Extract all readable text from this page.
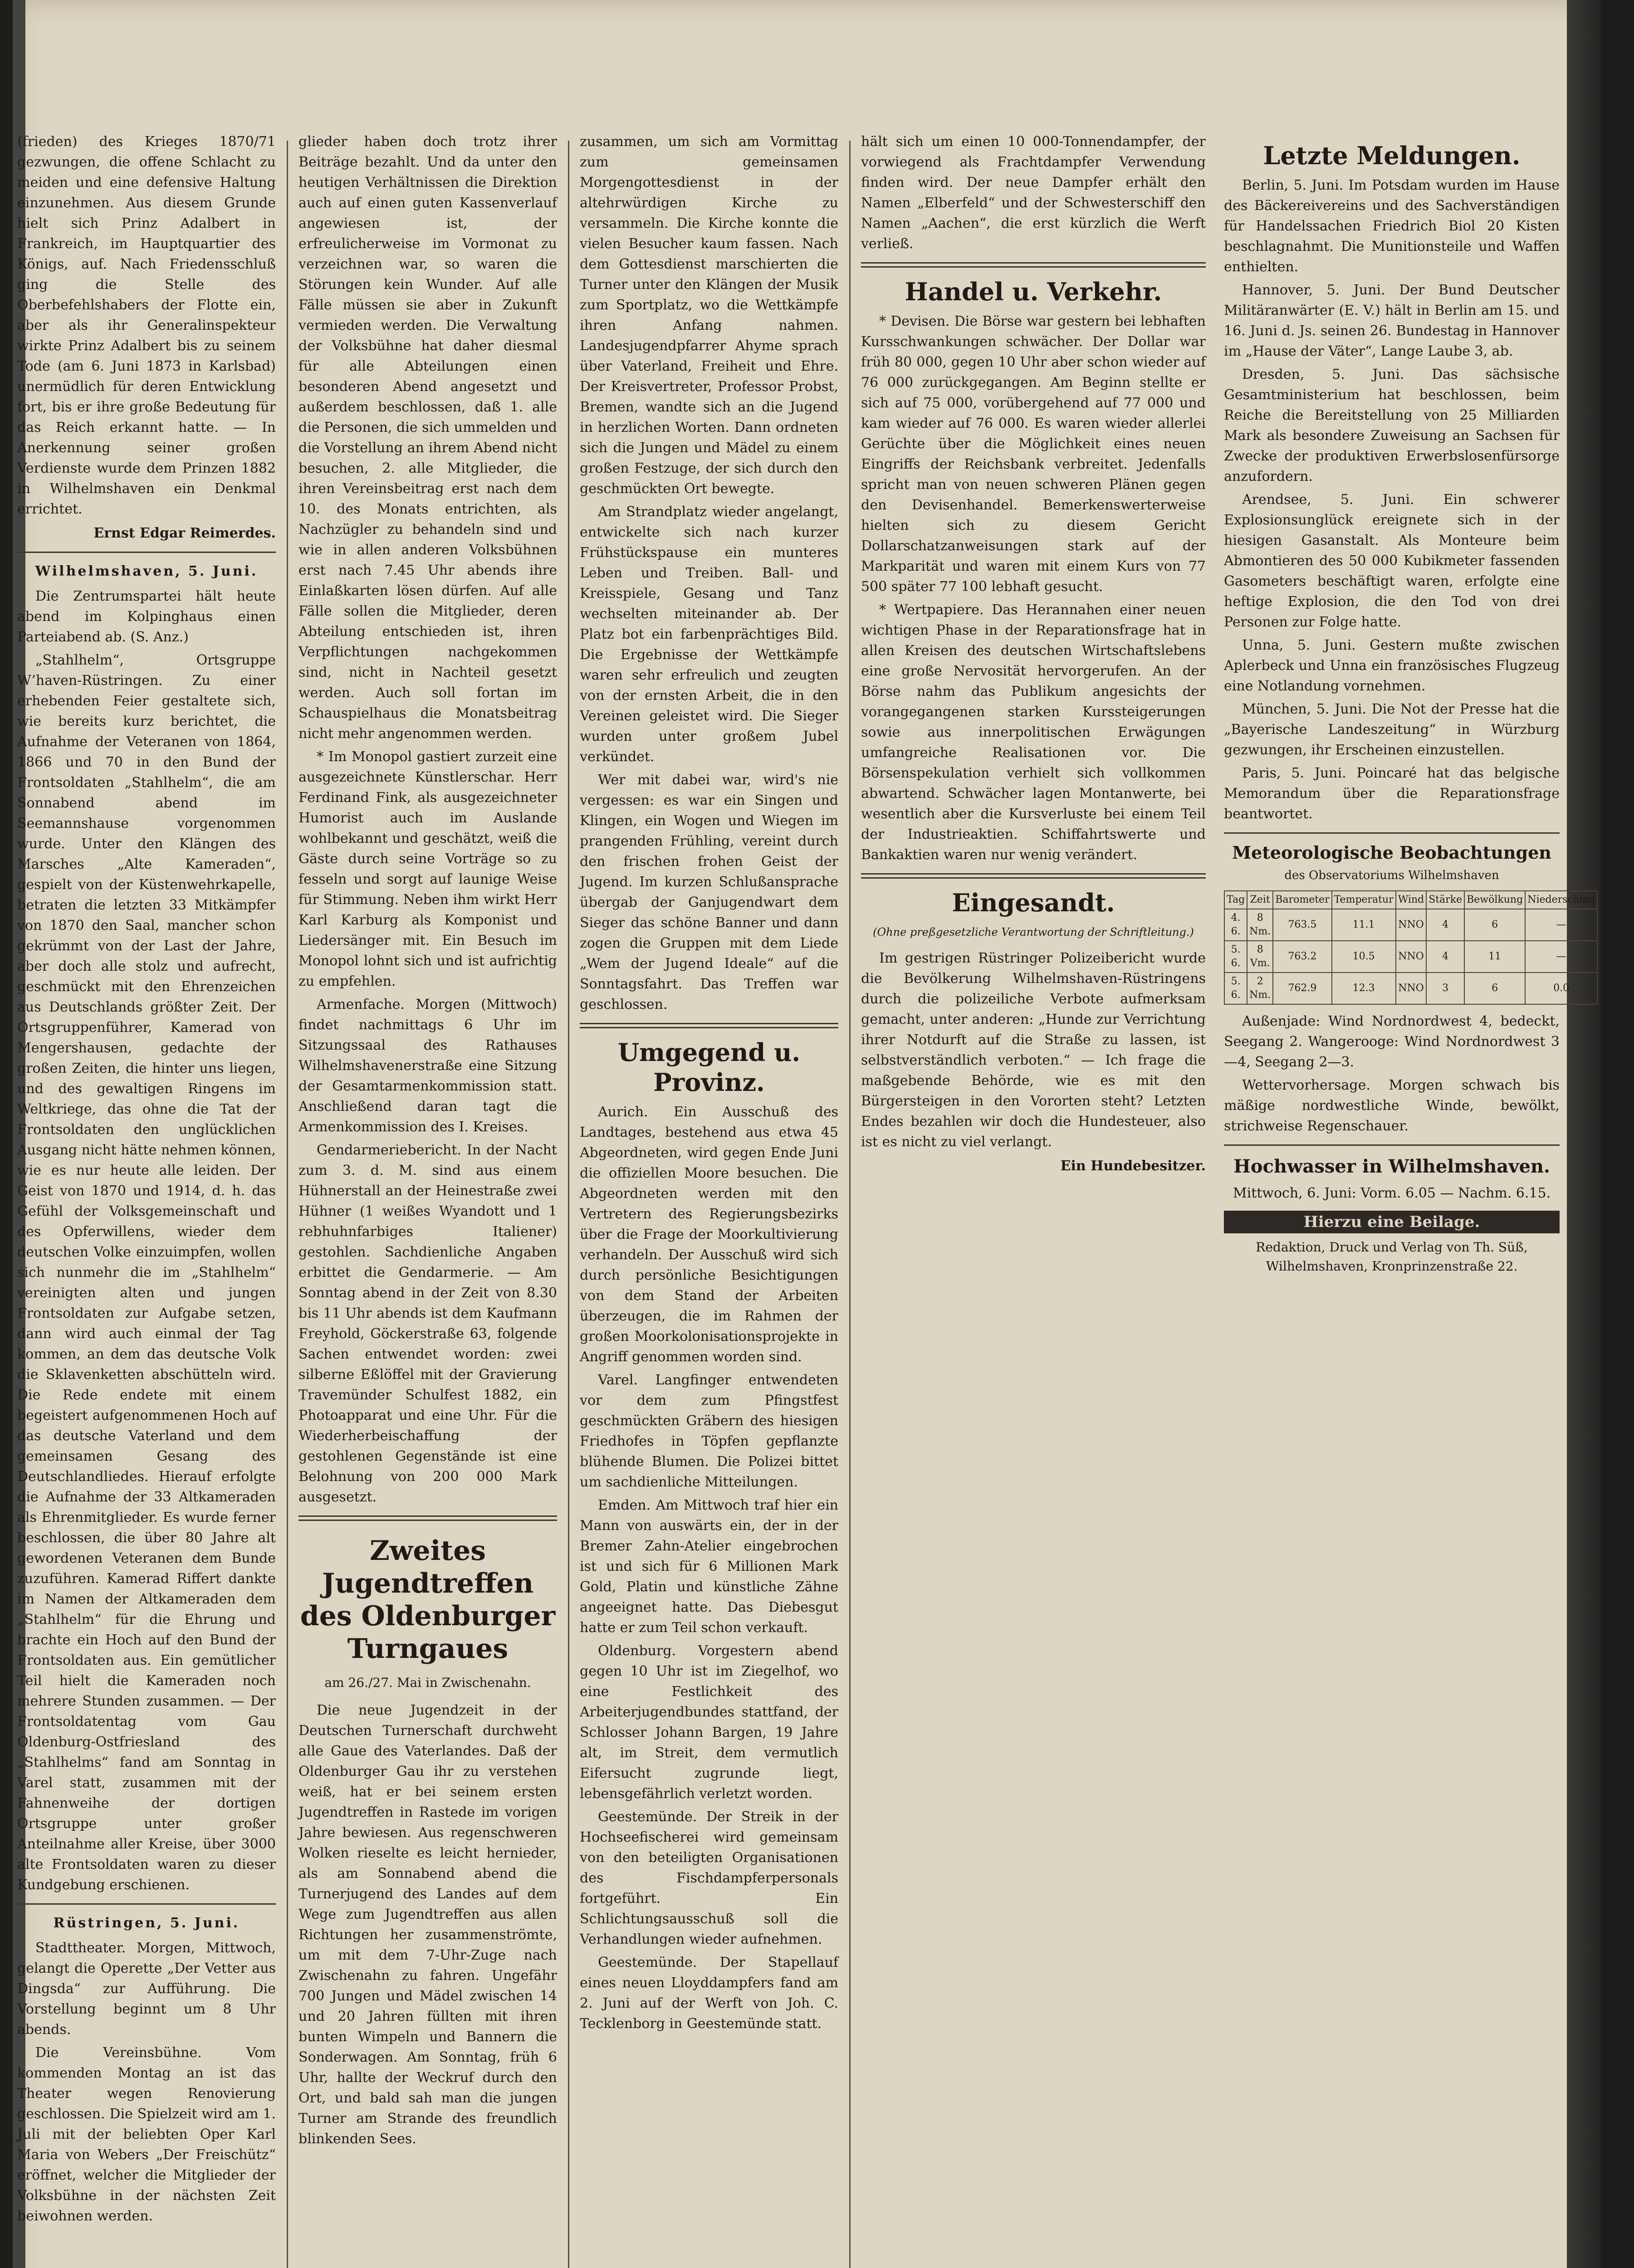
(frieden) des Krieges 1870/71 gezwungen, die offene Schlacht zu meiden und eine defensive Haltung einzunehmen. Aus diesem Grunde hielt sich Prinz Adalbert in Frankreich, im Hauptquartier des Königs, auf. Nach Friedensschluß ging die Stelle des Oberbefehlshabers der Flotte ein, aber als ihr Generalinspekteur wirkte Prinz Adalbert bis zu seinem Tode (am 6. Juni 1873 in Karlsbad) unermüdlich für deren Entwicklung fort, bis er ihre große Bedeutung für das Reich erkannt hatte. — In Anerkennung seiner großen Verdienste wurde dem Prinzen 1882 in Wilhelmshaven ein Denkmal errichtet.

Ernst Edgar Reimerdes.
Wilhelmshaven, 5. Juni.

Die Zentrumspartei hält heute abend im Kolpinghaus einen Parteiabend ab. (S. Anz.)

„Stahlhelm“, Ortsgruppe W’haven-Rüstringen. Zu einer erhebenden Feier gestaltete sich, wie bereits kurz berichtet, die Aufnahme der Veteranen von 1864, 1866 und 70 in den Bund der Frontsoldaten „Stahlhelm“, die am Sonnabend abend im Seemannshause vorgenommen wurde. Unter den Klängen des Marsches „Alte Kameraden“, gespielt von der Küstenwehrkapelle, betraten die letzten 33 Mitkämpfer von 1870 den Saal, mancher schon gekrümmt von der Last der Jahre, aber doch alle stolz und aufrecht, geschmückt mit den Ehrenzeichen aus Deutschlands größter Zeit. Der Ortsgruppenführer, Kamerad von Mengershausen, gedachte der großen Zeiten, die hinter uns liegen, und des gewaltigen Ringens im Weltkriege, das ohne die Tat der Frontsoldaten den unglücklichen Ausgang nicht hätte nehmen können, wie es nur heute alle leiden. Der Geist von 1870 und 1914, d. h. das Gefühl der Volksgemeinschaft und des Opferwillens, wieder dem deutschen Volke einzuimpfen, wollen sich nunmehr die im „Stahlhelm“ vereinigten alten und jungen Frontsoldaten zur Aufgabe setzen, dann wird auch einmal der Tag kommen, an dem das deutsche Volk die Sklavenketten abschütteln wird. Die Rede endete mit einem begeistert aufgenommenen Hoch auf das deutsche Vaterland und dem gemeinsamen Gesang des Deutschlandliedes. Hierauf erfolgte die Aufnahme der 33 Altkameraden als Ehrenmitglieder. Es wurde ferner beschlossen, die über 80 Jahre alt gewordenen Veteranen dem Bunde zuzuführen. Kamerad Riffert dankte im Namen der Altkameraden dem „Stahlhelm“ für die Ehrung und brachte ein Hoch auf den Bund der Frontsoldaten aus. Ein gemütlicher Teil hielt die Kameraden noch mehrere Stunden zusammen. — Der Frontsoldatentag vom Gau Oldenburg-Ostfriesland des „Stahlhelms“ fand am Sonntag in Varel statt, zusammen mit der Fahnenweihe der dortigen Ortsgruppe unter großer Anteilnahme aller Kreise, über 3000 alte Frontsoldaten waren zu dieser Kundgebung erschienen.

Rüstringen, 5. Juni.

Stadttheater. Morgen, Mittwoch, gelangt die Operette „Der Vetter aus Dingsda“ zur Aufführung. Die Vorstellung beginnt um 8 Uhr abends.

Die Vereinsbühne. Vom kommenden Montag an ist das Theater wegen Renovierung geschlossen. Die Spielzeit wird am 1. Juli mit der beliebten Oper Karl Maria von Webers „Der Freischütz“ eröffnet, welcher die Mitglieder der Volksbühne in der nächsten Zeit beiwohnen werden.

glieder haben doch trotz ihrer Beiträge bezahlt. Und da unter den heutigen Verhältnissen die Direktion auch auf einen guten Kassenverlauf angewiesen ist, der erfreulicherweise im Vormonat zu verzeichnen war, so waren die Störungen kein Wunder. Auf alle Fälle müssen sie aber in Zukunft vermieden werden. Die Verwaltung der Volksbühne hat daher diesmal für alle Abteilungen einen besonderen Abend angesetzt und außerdem beschlossen, daß 1. alle die Personen, die sich ummelden und die Vorstellung an ihrem Abend nicht besuchen, 2. alle Mitglieder, die ihren Vereinsbeitrag erst nach dem 10. des Monats entrichten, als Nachzügler zu behandeln sind und wie in allen anderen Volksbühnen erst nach 7.45 Uhr abends ihre Einlaßkarten lösen dürfen. Auf alle Fälle sollen die Mitglieder, deren Abteilung entschieden ist, ihren Verpflichtungen nachgekommen sind, nicht in Nachteil gesetzt werden. Auch soll fortan im Schauspielhaus die Monatsbeitrag nicht mehr angenommen werden.

* Im Monopol gastiert zurzeit eine ausgezeichnete Künstlerschar. Herr Ferdinand Fink, als ausgezeichneter Humorist auch im Auslande wohlbekannt und geschätzt, weiß die Gäste durch seine Vorträge so zu fesseln und sorgt auf launige Weise für Stimmung. Neben ihm wirkt Herr Karl Karburg als Komponist und Liedersänger mit. Ein Besuch im Monopol lohnt sich und ist aufrichtig zu empfehlen.

Armenfache. Morgen (Mittwoch) findet nachmittags 6 Uhr im Sitzungssaal des Rathauses Wilhelmshavenerstraße eine Sitzung der Gesamtarmenkommission statt. Anschließend daran tagt die Armenkommission des I. Kreises.

Gendarmeriebericht. In der Nacht zum 3. d. M. sind aus einem Hühnerstall an der Heinestraße zwei Hühner (1 weißes Wyandott und 1 rebhuhnfarbiges Italiener) gestohlen. Sachdienliche Angaben erbittet die Gendarmerie. — Am Sonntag abend in der Zeit von 8.30 bis 11 Uhr abends ist dem Kaufmann Freyhold, Göckerstraße 63, folgende Sachen entwendet worden: zwei silberne Eßlöffel mit der Gravierung Travemünder Schulfest 1882, ein Photoapparat und eine Uhr. Für die Wiederherbeischaffung der gestohlenen Gegenstände ist eine Belohnung von 200 000 Mark ausgesetzt.

Zweites Jugendtreffen des Oldenburger Turngaues
am 26./27. Mai in Zwischenahn.

Die neue Jugendzeit in der Deutschen Turnerschaft durchweht alle Gaue des Vaterlandes. Daß der Oldenburger Gau ihr zu verstehen weiß, hat er bei seinem ersten Jugendtreffen in Rastede im vorigen Jahre bewiesen. Aus regenschweren Wolken rieselte es leicht hernieder, als am Sonnabend abend die Turnerjugend des Landes auf dem Wege zum Jugendtreffen aus allen Richtungen her zusammenströmte, um mit dem 7-Uhr-Zuge nach Zwischenahn zu fahren. Ungefähr 700 Jungen und Mädel zwischen 14 und 20 Jahren füllten mit ihren bunten Wimpeln und Bannern die Sonderwagen. Am Sonntag, früh 6 Uhr, hallte der Weckruf durch den Ort, und bald sah man die jungen Turner am Strande des freundlich blinkenden Sees.

zusammen, um sich am Vormittag zum gemeinsamen Morgengottesdienst in der altehrwürdigen Kirche zu versammeln. Die Kirche konnte die vielen Besucher kaum fassen. Nach dem Gottesdienst marschierten die Turner unter den Klängen der Musik zum Sportplatz, wo die Wettkämpfe ihren Anfang nahmen. Landesjugendpfarrer Ahyme sprach über Vaterland, Freiheit und Ehre. Der Kreisvertreter, Professor Probst, Bremen, wandte sich an die Jugend in herzlichen Worten. Dann ordneten sich die Jungen und Mädel zu einem großen Festzuge, der sich durch den geschmückten Ort bewegte.

Am Strandplatz wieder angelangt, entwickelte sich nach kurzer Frühstückspause ein munteres Leben und Treiben. Ball- und Kreisspiele, Gesang und Tanz wechselten miteinander ab. Der Platz bot ein farbenprächtiges Bild. Die Ergebnisse der Wettkämpfe waren sehr erfreulich und zeugten von der ernsten Arbeit, die in den Vereinen geleistet wird. Die Sieger wurden unter großem Jubel verkündet.

Wer mit dabei war, wird's nie vergessen: es war ein Singen und Klingen, ein Wogen und Wiegen im prangenden Frühling, vereint durch den frischen frohen Geist der Jugend. Im kurzen Schlußansprache übergab der Ganjugendwart dem Sieger das schöne Banner und dann zogen die Gruppen mit dem Liede „Wem der Jugend Ideale“ auf die Sonntagsfahrt. Das Treffen war geschlossen.

Umgegend u. Provinz.

Aurich. Ein Ausschuß des Landtages, bestehend aus etwa 45 Abgeordneten, wird gegen Ende Juni die offiziellen Moore besuchen. Die Abgeordneten werden mit den Vertretern des Regierungsbezirks über die Frage der Moorkultivierung verhandeln. Der Ausschuß wird sich durch persönliche Besichtigungen von dem Stand der Arbeiten überzeugen, die im Rahmen der großen Moorkolonisationsprojekte in Angriff genommen worden sind.

Varel. Langfinger entwendeten vor dem zum Pfingstfest geschmückten Gräbern des hiesigen Friedhofes in Töpfen gepflanzte blühende Blumen. Die Polizei bittet um sachdienliche Mitteilungen.

Emden. Am Mittwoch traf hier ein Mann von auswärts ein, der in der Bremer Zahn-Atelier eingebrochen ist und sich für 6 Millionen Mark Gold, Platin und künstliche Zähne angeeignet hatte. Das Diebesgut hatte er zum Teil schon verkauft.

Oldenburg. Vorgestern abend gegen 10 Uhr ist im Ziegelhof, wo eine Festlichkeit des Arbeiterjugendbundes stattfand, der Schlosser Johann Bargen, 19 Jahre alt, im Streit, dem vermutlich Eifersucht zugrunde liegt, lebensgefährlich verletzt worden.

Geestemünde. Der Streik in der Hochseefischerei wird gemeinsam von den beteiligten Organisationen des Fischdampferpersonals fortgeführt. Ein Schlichtungsausschuß soll die Verhandlungen wieder aufnehmen.

Geestemünde. Der Stapellauf eines neuen Lloyddampfers fand am 2. Juni auf der Werft von Joh. C. Tecklenborg in Geestemünde statt.

hält sich um einen 10 000-Tonnendampfer, der vorwiegend als Frachtdampfer Verwendung finden wird. Der neue Dampfer erhält den Namen „Elberfeld“ und der Schwesterschiff den Namen „Aachen“, die erst kürzlich die Werft verließ.

Handel u. Verkehr.

* Devisen. Die Börse war gestern bei lebhaften Kursschwankungen schwächer. Der Dollar war früh 80 000, gegen 10 Uhr aber schon wieder auf 76 000 zurückgegangen. Am Beginn stellte er sich auf 75 000, vorübergehend auf 77 000 und kam wieder auf 76 000. Es waren wieder allerlei Gerüchte über die Möglichkeit eines neuen Eingriffs der Reichsbank verbreitet. Jedenfalls spricht man von neuen schweren Plänen gegen den Devisenhandel. Bemerkenswerterweise hielten sich zu diesem Gericht Dollarschatzanweisungen stark auf der Markparität und waren mit einem Kurs von 77 500 später 77 100 lebhaft gesucht.

* Wertpapiere. Das Herannahen einer neuen wichtigen Phase in der Reparationsfrage hat in allen Kreisen des deutschen Wirtschaftslebens eine große Nervosität hervorgerufen. An der Börse nahm das Publikum angesichts der vorangegangenen starken Kurssteigerungen sowie aus innerpolitischen Erwägungen umfangreiche Realisationen vor. Die Börsenspekulation verhielt sich vollkommen abwartend. Schwächer lagen Montanwerte, bei wesentlich aber die Kursverluste bei einem Teil der Industrieaktien. Schiffahrtswerte und Bankaktien waren nur wenig verändert.

Eingesandt.
(Ohne preßgesetzliche Verantwortung der Schriftleitung.)

Im gestrigen Rüstringer Polizeibericht wurde die Bevölkerung Wilhelmshaven-Rüstringens durch die polizeiliche Verbote aufmerksam gemacht, unter anderen: „Hunde zur Verrichtung ihrer Notdurft auf die Straße zu lassen, ist selbstverständlich verboten.“ — Ich frage die maßgebende Behörde, wie es mit den Bürgersteigen in den Vororten steht? Letzten Endes bezahlen wir doch die Hundesteuer, also ist es nicht zu viel verlangt.

Ein Hundebesitzer.
Letzte Meldungen.

Berlin, 5. Juni. Im Potsdam wurden im Hause des Bäckereivereins und des Sachverständigen für Handelssachen Friedrich Biol 20 Kisten beschlagnahmt. Die Munitionsteile und Waffen enthielten.

Hannover, 5. Juni. Der Bund Deutscher Militäranwärter (E. V.) hält in Berlin am 15. und 16. Juni d. Js. seinen 26. Bundestag in Hannover im „Hause der Väter“, Lange Laube 3, ab.

Dresden, 5. Juni. Das sächsische Gesamtministerium hat beschlossen, beim Reiche die Bereitstellung von 25 Milliarden Mark als besondere Zuweisung an Sachsen für Zwecke der produktiven Erwerbslosenfürsorge anzufordern.

Arendsee, 5. Juni. Ein schwerer Explosionsunglück ereignete sich in der hiesigen Gasanstalt. Als Monteure beim Abmontieren des 50 000 Kubikmeter fassenden Gasometers beschäftigt waren, erfolgte eine heftige Explosion, die den Tod von drei Personen zur Folge hatte.

Unna, 5. Juni. Gestern mußte zwischen Aplerbeck und Unna ein französisches Flugzeug eine Notlandung vornehmen.

München, 5. Juni. Die Not der Presse hat die „Bayerische Landeszeitung“ in Würzburg gezwungen, ihr Erscheinen einzustellen.

Paris, 5. Juni. Poincaré hat das belgische Memorandum über die Reparationsfrage beantwortet.

Meteorologische Beobachtungen
des Observatoriums Wilhelmshaven
Tag	Zeit	Barometer	Temperatur	Wind	Stärke	Bewölkung	Niederschlag
4. 6.	8 Nm.	763.5	11.1	NNO	4	6	—
5. 6.	8 Vm.	763.2	10.5	NNO	4	11	—
5. 6.	2 Nm.	762.9	12.3	NNO	3	6	0.0

Außenjade: Wind Nordnordwest 4, bedeckt, Seegang 2. Wangerooge: Wind Nordnordwest 3—4, Seegang 2—3.

Wettervorhersage. Morgen schwach bis mäßige nordwestliche Winde, bewölkt, strichweise Regenschauer.

Hochwasser in Wilhelmshaven.

Mittwoch, 6. Juni: Vorm. 6.05 — Nachm. 6.15.

Hierzu eine Beilage.
Redaktion, Druck und Verlag von Th. Süß, Wilhelmshaven, Kronprinzenstraße 22.
